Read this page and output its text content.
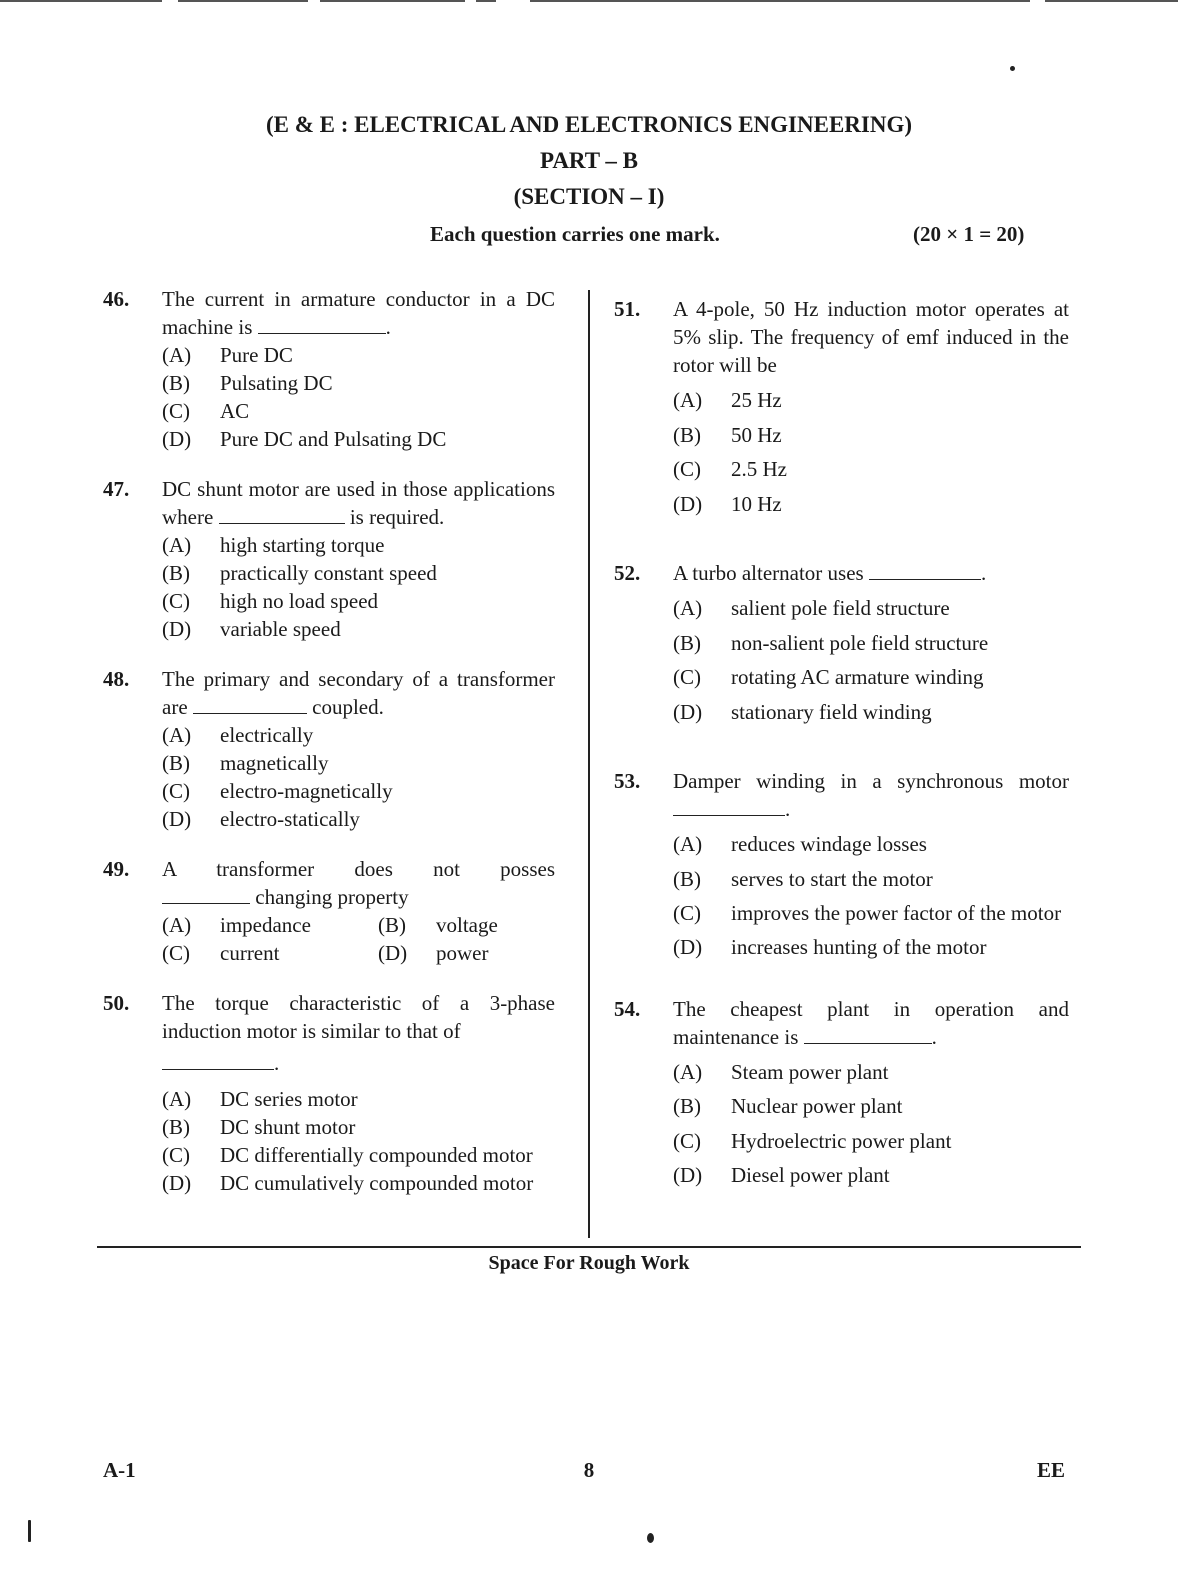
(E & E : ELECTRICAL AND ELECTRONICS ENGINEERING)
PART – B
(SECTION – I)
Each question carries one mark.	(20 × 1 = 20)
46. The current in armature conductor in a DC machine is	.
(A)	Pure DC
(B)	Pulsating DC
(C)	AC
(D)	Pure DC and Pulsating DC
47. DC shunt motor are used in those applications where	is required.
(A)	high starting torque
(B)	practically constant speed
(C)	high no load speed
(D)	variable speed
48. The primary and secondary of a transformer are	coupled.
(A)	electrically
(B)	magnetically
(C)	electro-magnetically
(D)	electro-statically
49. A transformer does not posses
changing property
(A)	impedance	(B)	voltage
(C)	current	(D)	power
50. The torque characteristic of a 3-phase induction motor is similar to that of
.
(A)	DC series motor
(B)	DC shunt motor
(C)	DC differentially compounded motor
(D)	DC cumulatively compounded motor
51. A 4-pole, 50 Hz induction motor operates at 5% slip. The frequency of emf induced in the rotor will be
(A)	25 Hz
(B)	50 Hz
(C)	2.5 Hz
(D)	10 Hz
52. A turbo alternator uses	.
(A)	salient pole field structure
(B)	non-salient pole field structure
(C)	rotating AC armature winding
(D)	stationary field winding
53. Damper winding in a synchronous motor .
(A)	reduces windage losses
(B)	serves to start the motor
(C)	improves the power factor of the motor
(D)	increases hunting of the motor
54. The cheapest plant in operation and maintenance is	.
(A)	Steam power plant
(B)	Nuclear power plant
(C)	Hydroelectric power plant
(D)	Diesel power plant
Space For Rough Work
A-1	8	EE
